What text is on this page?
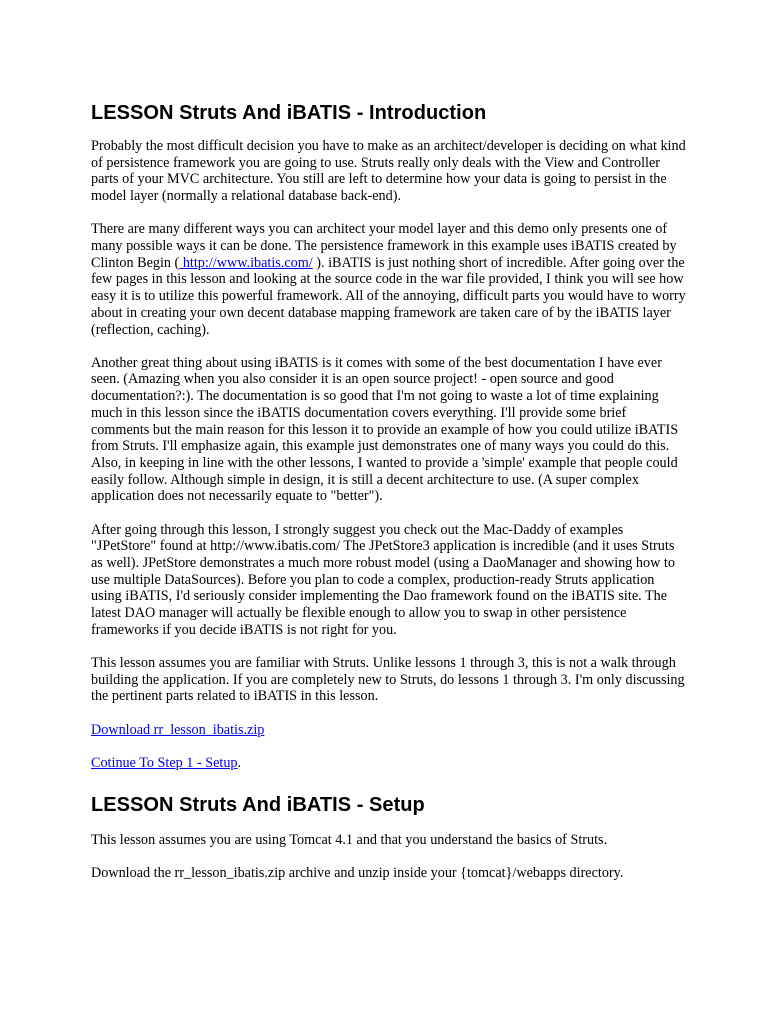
LESSON Struts And iBATIS - Introduction

Probably the most difficult decision you have to make as an architect/developer is deciding on what kind of persistence framework you are going to use. Struts really only deals with the View and Controller parts of your MVC architecture. You still are left to determine how your data is going to persist in the model layer (normally a relational database back-end).

There are many different ways you can architect your model layer and this demo only presents one of many possible ways it can be done. The persistence framework in this example uses iBATIS created by Clinton Begin ( http://www.ibatis.com/ ). iBATIS is just nothing short of incredible. After going over the few pages in this lesson and looking at the source code in the war file provided, I think you will see how easy it is to utilize this powerful framework. All of the annoying, difficult parts you would have to worry about in creating your own decent database mapping framework are taken care of by the iBATIS layer (reflection, caching).

Another great thing about using iBATIS is it comes with some of the best documentation I have ever seen. (Amazing when you also consider it is an open source project! - open source and good documentation?:). The documentation is so good that I'm not going to waste a lot of time explaining much in this lesson since the iBATIS documentation covers everything. I'll provide some brief comments but the main reason for this lesson it to provide an example of how you could utilize iBATIS from Struts. I'll emphasize again, this example just demonstrates one of many ways you could do this. Also, in keeping in line with the other lessons, I wanted to provide a 'simple' example that people could easily follow. Although simple in design, it is still a decent architecture to use. (A super complex application does not necessarily equate to "better").

After going through this lesson, I strongly suggest you check out the Mac-Daddy of examples "JPetStore" found at http://www.ibatis.com/ The JPetStore3 application is incredible (and it uses Struts as well). JPetStore demonstrates a much more robust model (using a DaoManager and showing how to use multiple DataSources). Before you plan to code a complex, production-ready Struts application using iBATIS, I'd seriously consider implementing the Dao framework found on the iBATIS site. The latest DAO manager will actually be flexible enough to allow you to swap in other persistence frameworks if you decide iBATIS is not right for you.

This lesson assumes you are familiar with Struts. Unlike lessons 1 through 3, this is not a walk through building the application. If you are completely new to Struts, do lessons 1 through 3. I'm only discussing the pertinent parts related to iBATIS in this lesson.

Download rr_lesson_ibatis.zip

Cotinue To Step 1 - Setup.

LESSON Struts And iBATIS - Setup

This lesson assumes you are using Tomcat 4.1 and that you understand the basics of Struts.

Download the rr_lesson_ibatis.zip archive and unzip inside your {tomcat}/webapps directory.
